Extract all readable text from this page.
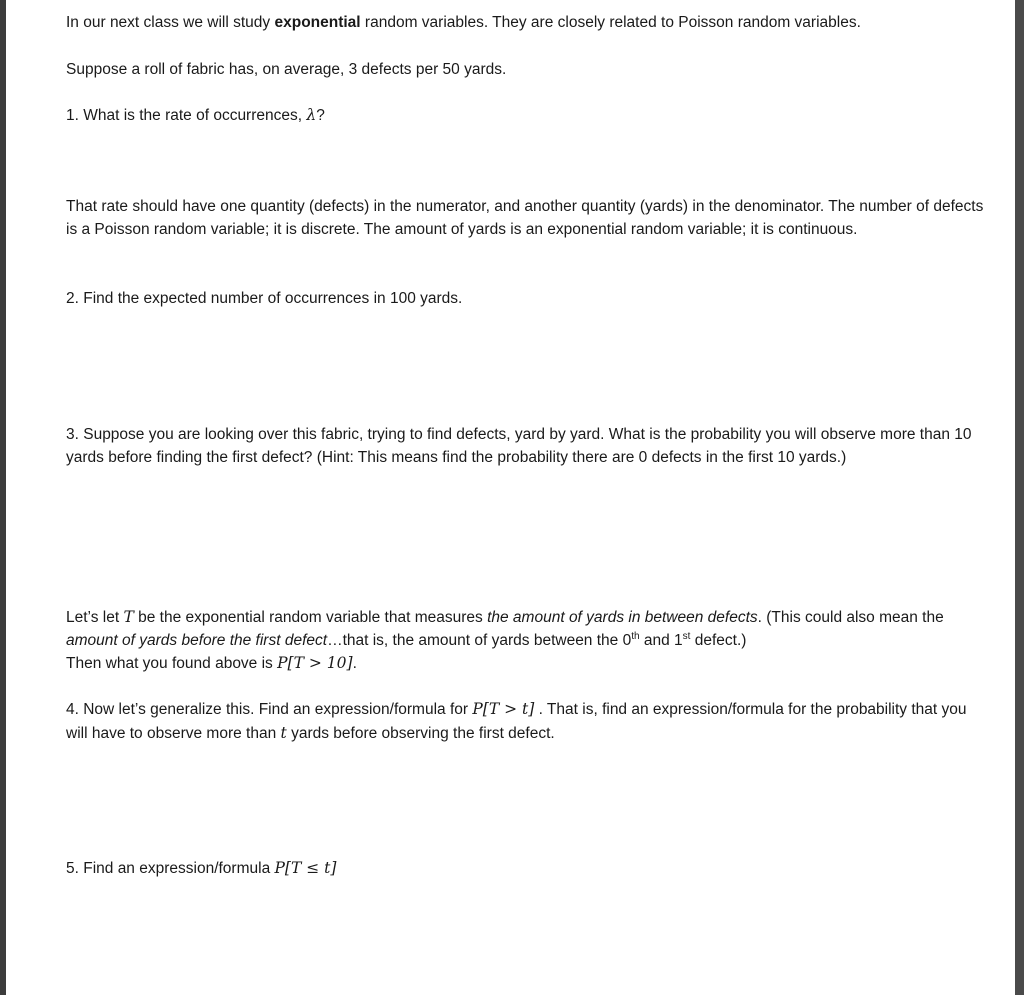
In our next class we will study exponential random variables. They are closely related to Poisson random variables.

Suppose a roll of fabric has, on average, 3 defects per 50 yards.

1. What is the rate of occurrences, λ?

That rate should have one quantity (defects) in the numerator, and another quantity (yards) in the denominator. The number of defects is a Poisson random variable; it is discrete. The amount of yards is an exponential random variable; it is continuous.

2. Find the expected number of occurrences in 100 yards.

3. Suppose you are looking over this fabric, trying to find defects, yard by yard. What is the probability you will observe more than 10 yards before finding the first defect? (Hint: This means find the probability there are 0 defects in the first 10 yards.)

Let’s let T be the exponential random variable that measures the amount of yards in between defects. (This could also mean the amount of yards before the first defect…that is, the amount of yards between the 0th and 1st defect.)
Then what you found above is P[T > 10].

4. Now let’s generalize this. Find an expression/formula for P[T > t] . That is, find an expression/formula for the probability that you will have to observe more than t yards before observing the first defect.

5. Find an expression/formula P[T ≤ t]
